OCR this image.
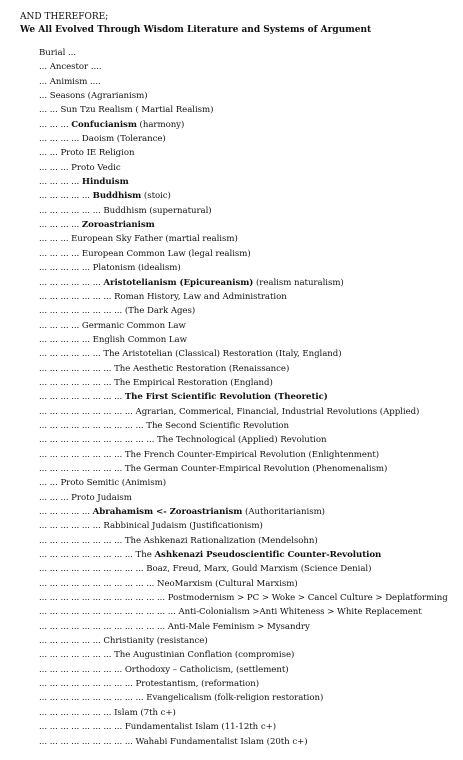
AND THEREFORE;
We All Evolved Through Wisdom Literature and Systems of Argument
Burial ...
... Ancestor ....
... Animism ....
... Seasons (Agrarianism)
... ... Sun Tzu Realism ( Martial Realism)
... ... ... Confucianism (harmony)
... ... ... ... Daoism (Tolerance)
... ... Proto IE Religion
... ... ... Proto Vedic
... ... ... ... Hinduism
... ... ... ... ... Buddhism (stoic)
... ... ... ... ... ... Buddhism (supernatural)
... ... ... ... Zoroastrianism
... ... ... European Sky Father (martial realism)
... ... ... ... European Common Law (legal realism)
... ... ... ... ... Platonism (idealism)
... ... ... ... ... ... Aristotelianism (Epicureanism) (realism naturalism)
... ... ... ... ... ... ... Roman History, Law and Administration
... ... ... ... ... ... ... ... (The Dark Ages)
... ... ... ... Germanic Common Law
... ... ... ... ... English Common Law
... ... ... ... ... ... The Aristotelian (Classical) Restoration (Italy, England)
... ... ... ... ... ... ... The Aesthetic Restoration (Renaissance)
... ... ... ... ... ... ... The Empirical Restoration (England)
... ... ... ... ... ... ... ... The First Scientific Revolution (Theoretic)
... ... ... ... ... ... ... ... ... Agrarian, Commerical, Financial, Industrial Revolutions (Applied)
... ... ... ... ... ... ... ... ... ... The Second Scientific Revolution
... ... ... ... ... ... ... ... ... ... ... The Technological (Applied) Revolution
... ... ... ... ... ... ... ... The French Counter-Empirical Revolution (Enlightenment)
... ... ... ... ... ... ... ... The German Counter-Empirical Revolution (Phenomenalism)
... ... Proto Semitic (Animism)
... ... ... Proto Judaism
... ... ... ... ... Abrahamism <- Zoroastrianism (Authoritarianism)
... ... ... ... ... ... Rabbinical Judaism (Justificationism)
... ... ... ... ... ... ... ... The Ashkenazi Rationalization (Mendelsohn)
... ... ... ... ... ... ... ... ... The Ashkenazi Pseudoscientific Counter-Revolution
... ... ... ... ... ... ... ... ... ... Boaz, Freud, Marx, Gould Marxism (Science Denial)
... ... ... ... ... ... ... ... ... ... ... NeoMarxism (Cultural Marxism)
... ... ... ... ... ... ... ... ... ... ... ... Postmodernism > PC > Woke > Cancel Culture > Deplatforming
... ... ... ... ... ... ... ... ... ... ... ... ... Anti-Colonialism >Anti Whiteness > White Replacement
... ... ... ... ... ... ... ... ... ... ... ... Anti-Male Feminism > Mysandry
... ... ... ... ... ... Christianity (resistance)
... ... ... ... ... ... ... The Augustinian Conflation (compromise)
... ... ... ... ... ... ... ... Orthodoxy – Catholicism, (settlement)
... ... ... ... ... ... ... ... ... Protestantism, (reformation)
... ... ... ... ... ... ... ... ... ... Evangelicalism (folk-religion restoration)
... ... ... ... ... ... ... Islam (7th c+)
... ... ... ... ... ... ... ... Fundamentalist Islam (11-12th c+)
... ... ... ... ... ... ... ... ... Wahabi Fundamentalist Islam (20th c+)
